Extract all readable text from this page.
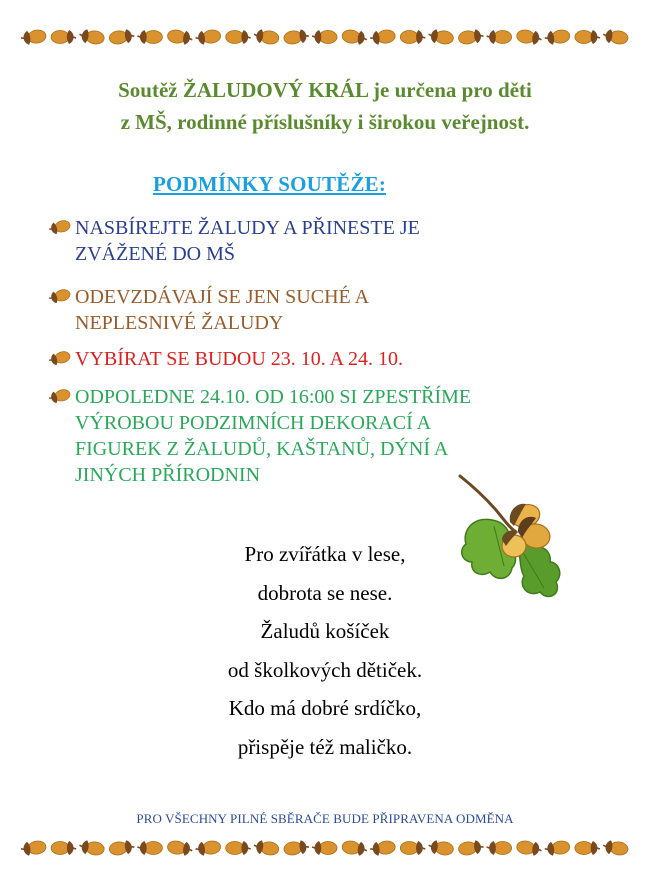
Soutěž ŽALUDOVÝ KRÁL je určena pro děti

z MŠ, rodinné příslušníky i širokou veřejnost.

PODMÍNKY SOUTĚŽE:
NASBÍREJTE ŽALUDY A PŘINESTE JE
ZVÁŽENÉ DO MŠ
ODEVZDÁVAJÍ SE JEN SUCHÉ A
NEPLESNIVÉ ŽALUDY
VYBÍRAT SE BUDOU 23. 10. A 24. 10.
ODPOLEDNE 24.10. OD 16:00 SI ZPESTŘÍME
VÝROBOU PODZIMNÍCH DEKORACÍ A
FIGUREK Z ŽALUDŮ, KAŠTANŮ, DÝNÍ A
JINÝCH PŘÍRODNIN
Pro zvířátka v lese,
dobrota se nese.
Žaludů košíček
od školkových dětiček.
Kdo má dobré srdíčko,
přispěje též maličko.
PRO VŠECHNY PILNÉ SBĚRAČE BUDE PŘIPRAVENA ODMĚNA
